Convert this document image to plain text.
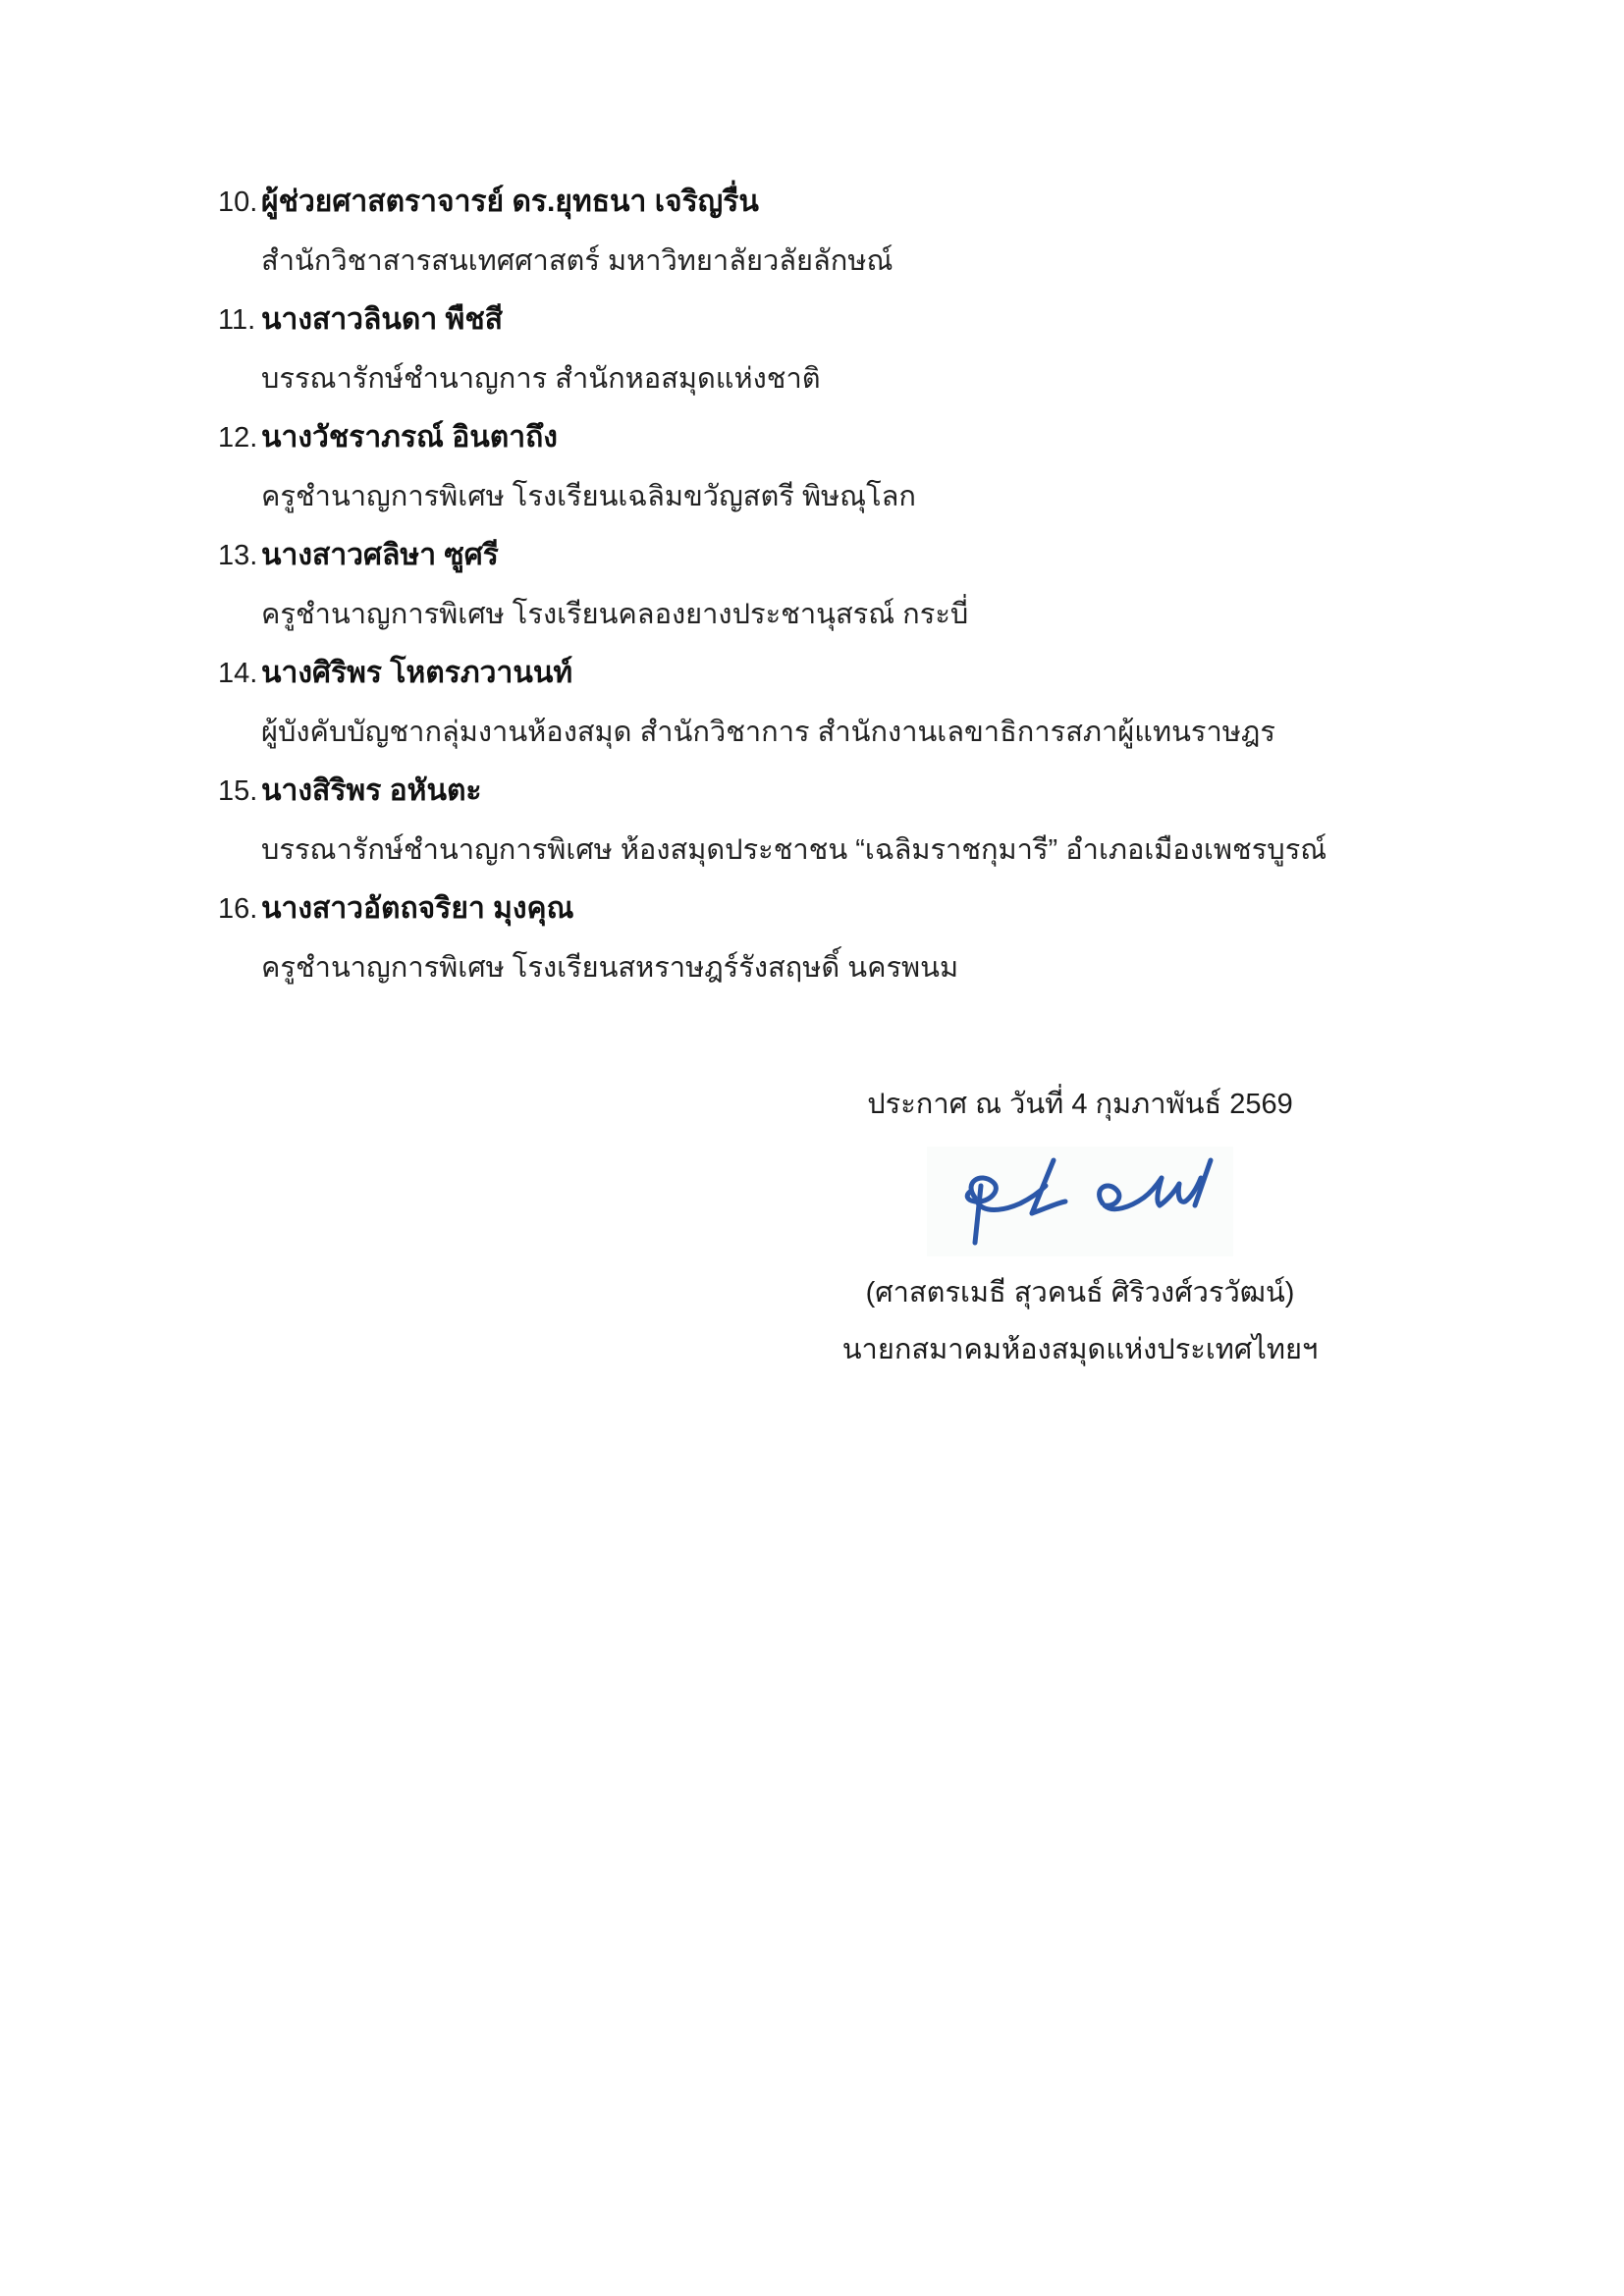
10. ผู้ช่วยศาสตราจารย์ ดร.ยุทธนา เจริญรื่น
สำนักวิชาสารสนเทศศาสตร์ มหาวิทยาลัยวลัยลักษณ์
11. นางสาวลินดา พืชสี
บรรณารักษ์ชำนาญการ สำนักหอสมุดแห่งชาติ
12. นางวัชราภรณ์ อินตาถึง
ครูชำนาญการพิเศษ โรงเรียนเฉลิมขวัญสตรี พิษณุโลก
13. นางสาวศลิษา ซูศรี
ครูชำนาญการพิเศษ โรงเรียนคลองยางประชานุสรณ์ กระบี่
14. นางศิริพร โหตรภวานนท์
ผู้บังคับบัญชากลุ่มงานห้องสมุด สำนักวิชาการ สำนักงานเลขาธิการสภาผู้แทนราษฎร
15. นางสิริพร อหันตะ
บรรณารักษ์ชำนาญการพิเศษ ห้องสมุดประชาชน “เฉลิมราชกุมารี” อำเภอเมืองเพชรบูรณ์
16. นางสาวอัตถจริยา มุงคุณ
ครูชำนาญการพิเศษ โรงเรียนสหราษฎร์รังสฤษดิ์ นครพนม
ประกาศ ณ วันที่ 4 กุมภาพันธ์ 2569
(ศาสตรเมธี สุวคนธ์ ศิริวงศ์วรวัฒน์)
นายกสมาคมห้องสมุดแห่งประเทศไทยฯ
